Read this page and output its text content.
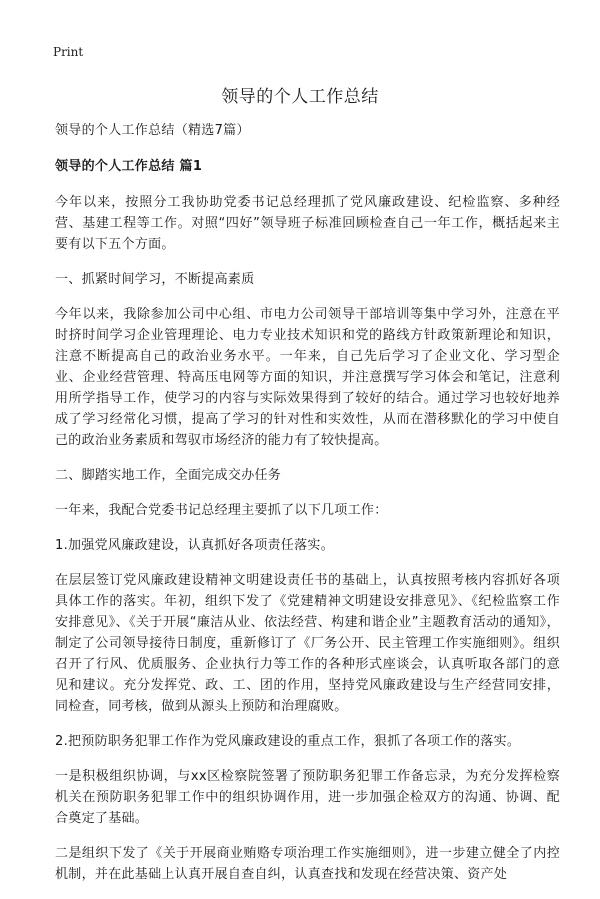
Print
领导的个人工作总结

领导的个人工作总结（精选7篇）

领导的个人工作总结 篇1

今年以来，按照分工我协助党委书记总经理抓了党风廉政建设、纪检监察、多种经营、基建工程等工作。对照“四好”领导班子标准回顾检查自己一年工作，概括起来主要有以下五个方面。

一、抓紧时间学习，不断提高素质

今年以来，我除参加公司中心组、市电力公司领导干部培训等集中学习外，注意在平时挤时间学习企业管理理论、电力专业技术知识和党的路线方针政策新理论和知识，注意不断提高自己的政治业务水平。一年来，自己先后学习了企业文化、学习型企业、企业经营管理、特高压电网等方面的知识，并注意撰写学习体会和笔记，注意利用所学指导工作，使学习的内容与实际效果得到了较好的结合。通过学习也较好地养成了学习经常化习惯，提高了学习的针对性和实效性，从而在潜移默化的学习中使自己的政治业务素质和驾驭市场经济的能力有了较快提高。

二、脚踏实地工作，全面完成交办任务

一年来，我配合党委书记总经理主要抓了以下几项工作：

1.加强党风廉政建设，认真抓好各项责任落实。

在层层签订党风廉政建设精神文明建设责任书的基础上，认真按照考核内容抓好各项具体工作的落实。年初，组织下发了《党建精神文明建设安排意见》、《纪检监察工作安排意见》、《关于开展“廉洁从业、依法经营、构建和谐企业”主题教育活动的通知》，制定了公司领导接待日制度，重新修订了《厂务公开、民主管理工作实施细则》。组织召开了行风、优质服务、企业执行力等工作的各种形式座谈会，认真听取各部门的意见和建议。充分发挥党、政、工、团的作用，坚持党风廉政建设与生产经营同安排，同检查，同考核，做到从源头上预防和治理腐败。

2.把预防职务犯罪工作作为党风廉政建设的重点工作，狠抓了各项工作的落实。

一是积极组织协调，与xx区检察院签署了预防职务犯罪工作备忘录，为充分发挥检察机关在预防职务犯罪工作中的组织协调作用，进一步加强企检双方的沟通、协调、配合奠定了基础。

二是组织下发了《关于开展商业贿赂专项治理工作实施细则》，进一步建立健全了内控机制，并在此基础上认真开展自查自纠，认真查找和发现在经营决策、资产处
